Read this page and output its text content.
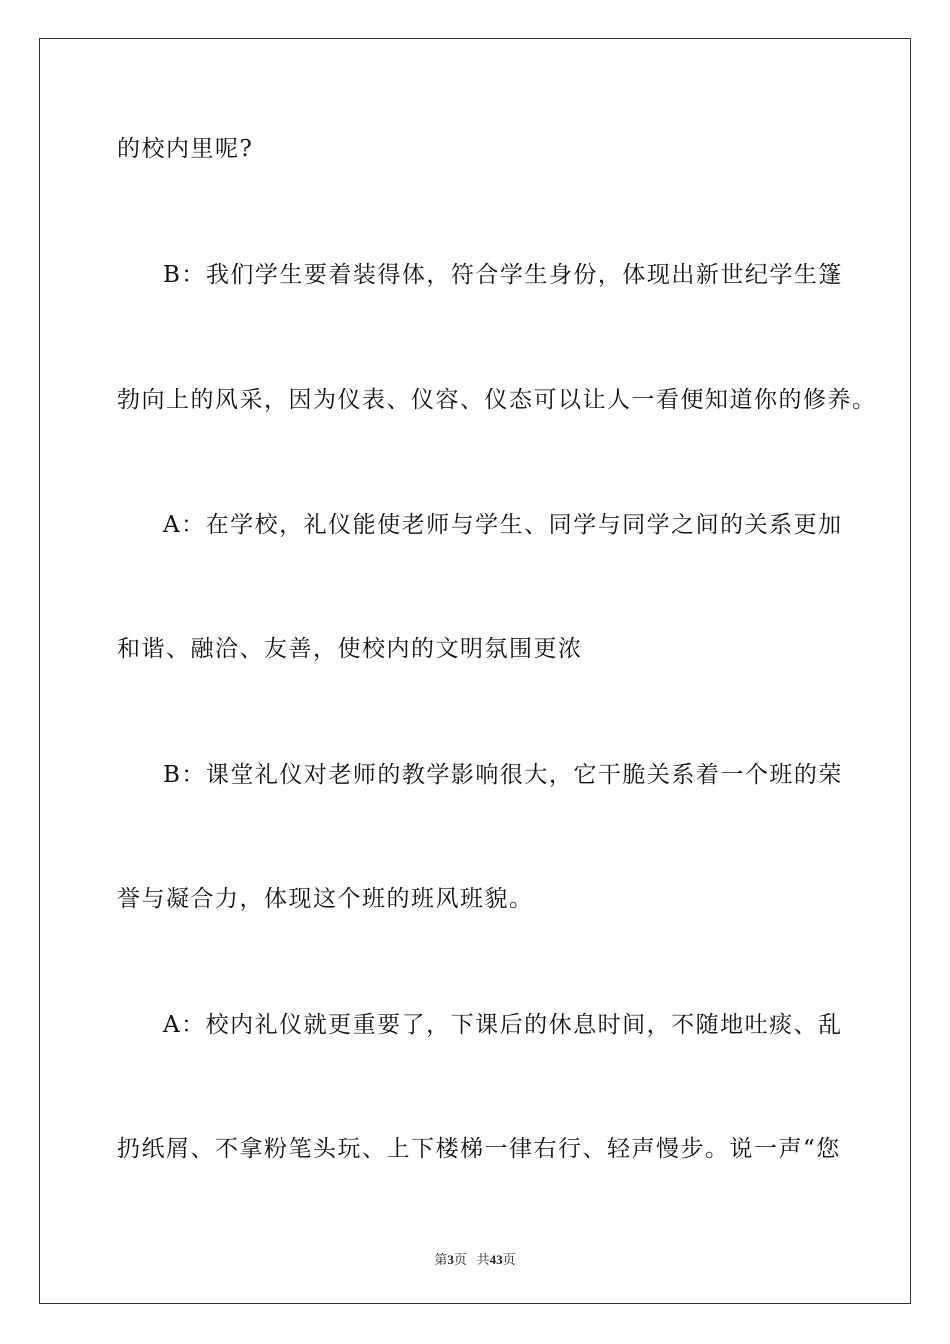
的校内里呢?
B：我们学生要着装得体，符合学生身份，体现出新世纪学生篷
勃向上的风采，因为仪表、仪容、仪态可以让人一看便知道你的修养。
A：在学校，礼仪能使老师与学生、同学与同学之间的关系更加
和谐、融洽、友善，使校内的文明氛围更浓
B：课堂礼仪对老师的教学影响很大，它干脆关系着一个班的荣
誉与凝合力，体现这个班的班风班貌。
A：校内礼仪就更重要了，下课后的休息时间，不随地吐痰、乱
扔纸屑、不拿粉笔头玩、上下楼梯一律右行、轻声慢步。说一声“您
第3页 共43页
